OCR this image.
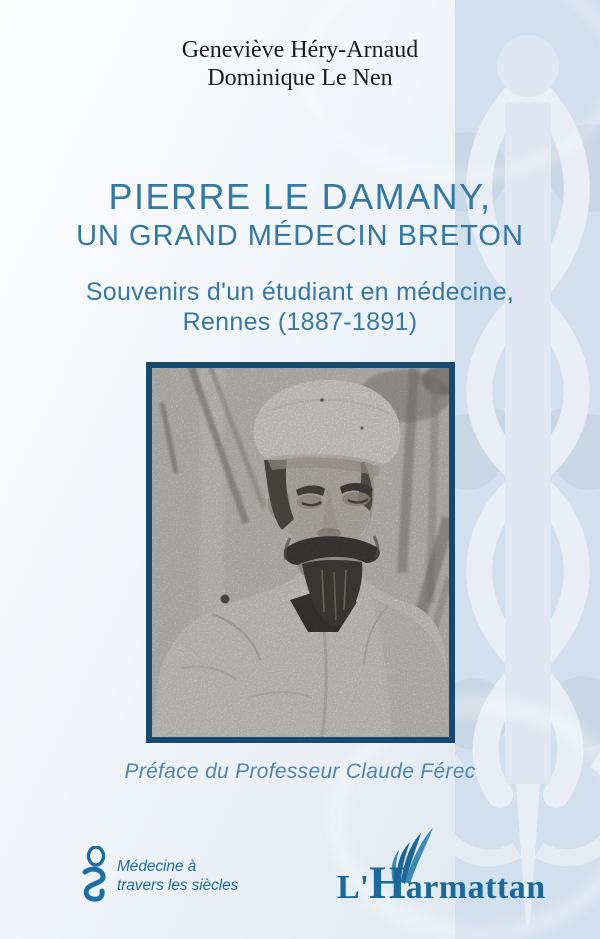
Geneviève Héry-Arnaud
Dominique Le Nen
PIERRE LE DAMANY,
UN GRAND MÉDECIN BRETON
Souvenirs d'un étudiant en médecine,
Rennes (1887-1891)
Préface du Professeur Claude Férec
Médecine à
travers les siècles	L'Harmattan
